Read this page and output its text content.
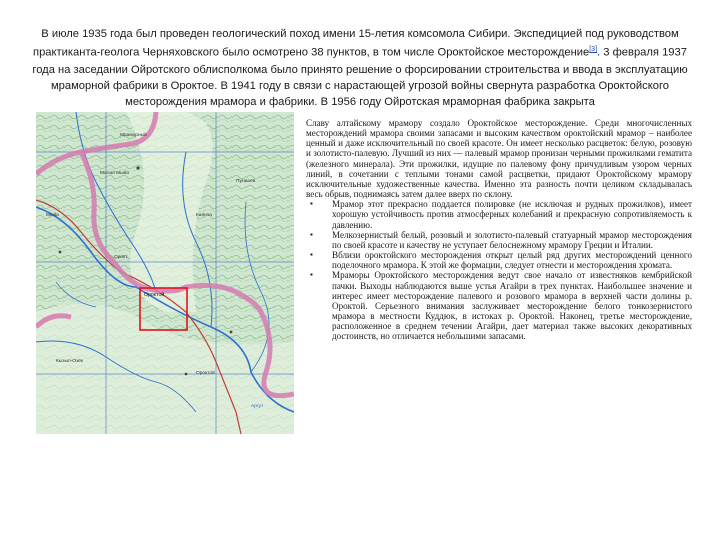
В июле 1935 года был проведен геологический поход имени 15-летия комсомола Сибири. Экспедицией под руководством практиканта-геолога Черняховского было осмотрено 38 пунктов, в том числе Ороктойское месторождение[3]. 3 февраля 1937 года на заседании Ойротского облисполкома было принято решение о форсировании строительства и ввода в эксплуатацию мраморной фабрики в Ороктое. В 1941 году в связи с нарастающей угрозой войны свернута разработка Ороктойского месторождения мрамора и фабрики. В 1956 году Ойротская мраморная фабрика закрыта
Мраморный
Малая Мыйа
Мыйа
Ороктой
Орокт.
Каянча
Кызыл-Озёк
Пугашев
Аргут
Ороктой

Славу алтайскому мрамору создало Ороктойское месторождение. Среди многочисленных месторождений мрамора своими запасами и высоким качеством ороктойский мрамор – наиболее ценный и даже исключительный по своей красоте. Он имеет несколько расцветок: белую, розовую и золотисто-палевую. Лучший из них — палевый мрамор пронизан черными прожилками гематита (железного минерала). Эти прожилки, идущие по палевому фону причудливым узором черных линий, в сочетании с теплыми тонами самой расцветки, придают Ороктойскому мрамору исключительные художественные качества. Именно эта разность почти целиком складывалась весь обрыв, поднимаясь затем далее вверх по склону.

▪ Мрамор этот прекрасно поддается полировке (не исключая и рудных прожилков), имеет хорошую устойчивость против атмосферных колебаний и прекрасную сопротивляемость к давлению.
▪ Мелкозернистый белый, розовый и золотисто-палевый статуарный мрамор месторождения по своей красоте и качеству не уступает белоснежному мрамору Греции и Италии.
▪ Вблизи ороктойского месторождения открыт целый ряд других месторождений ценного поделочного мрамора. К этой же формации, следует отнести и месторождения хромата.
▪ Мраморы Ороктойского месторождения ведут свое начало от известняков кембрийской пачки. Выходы наблюдаются выше устья Агайри в трех пунктах. Наибольшее значение и интерес имеет месторождение палевого и розового мрамора в верхней части долины р. Ороктой. Серьезного внимания заслуживает месторождение белого тонкозернистого мрамора в местности Куддюк, в истоках р. Ороктой. Наконец, третье месторождение, расположенное в среднем течении Агайри, дает материал также высоких декоративных достоинств, но отличается небольшими запасами.
